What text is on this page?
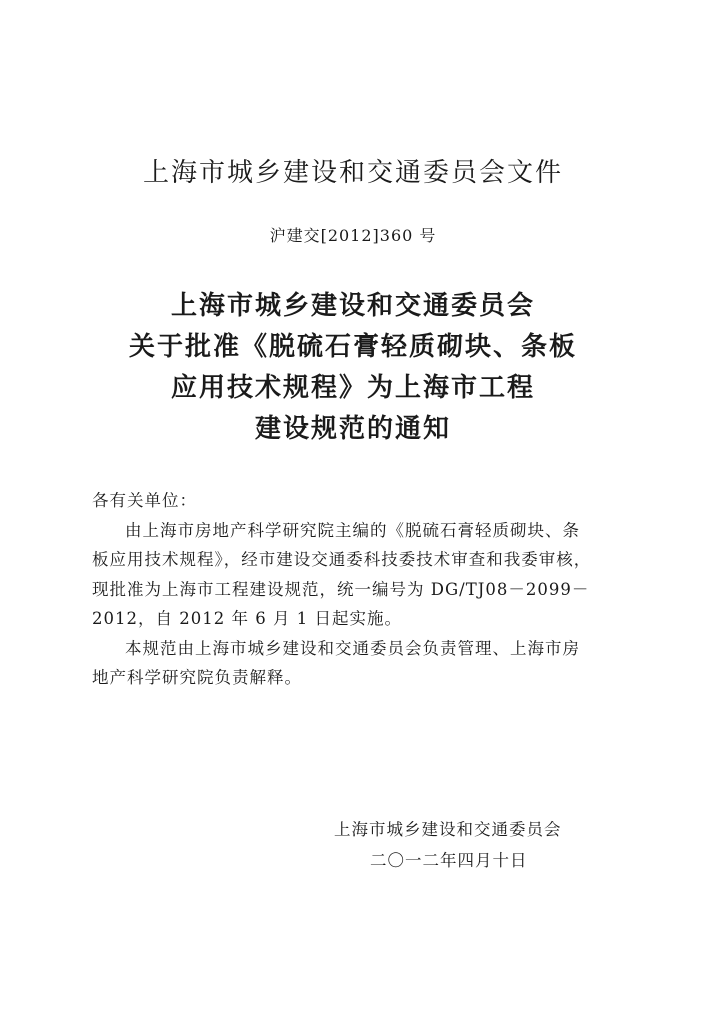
上海市城乡建设和交通委员会文件
沪建交[2012]360 号
上海市城乡建设和交通委员会
关于批准《脱硫石膏轻质砌块、条板
应用技术规程》为上海市工程
建设规范的通知
各有关单位：
由上海市房地产科学研究院主编的《脱硫石膏轻质砌块、条
板应用技术规程》，经市建设交通委科技委技术审查和我委审核，
现批准为上海市工程建设规范，统一编号为 DG/TJ08－2099－
2012，自 2012 年 6 月 1 日起实施。
本规范由上海市城乡建设和交通委员会负责管理、上海市房
地产科学研究院负责解释。
上海市城乡建设和交通委员会
二〇一二年四月十日
